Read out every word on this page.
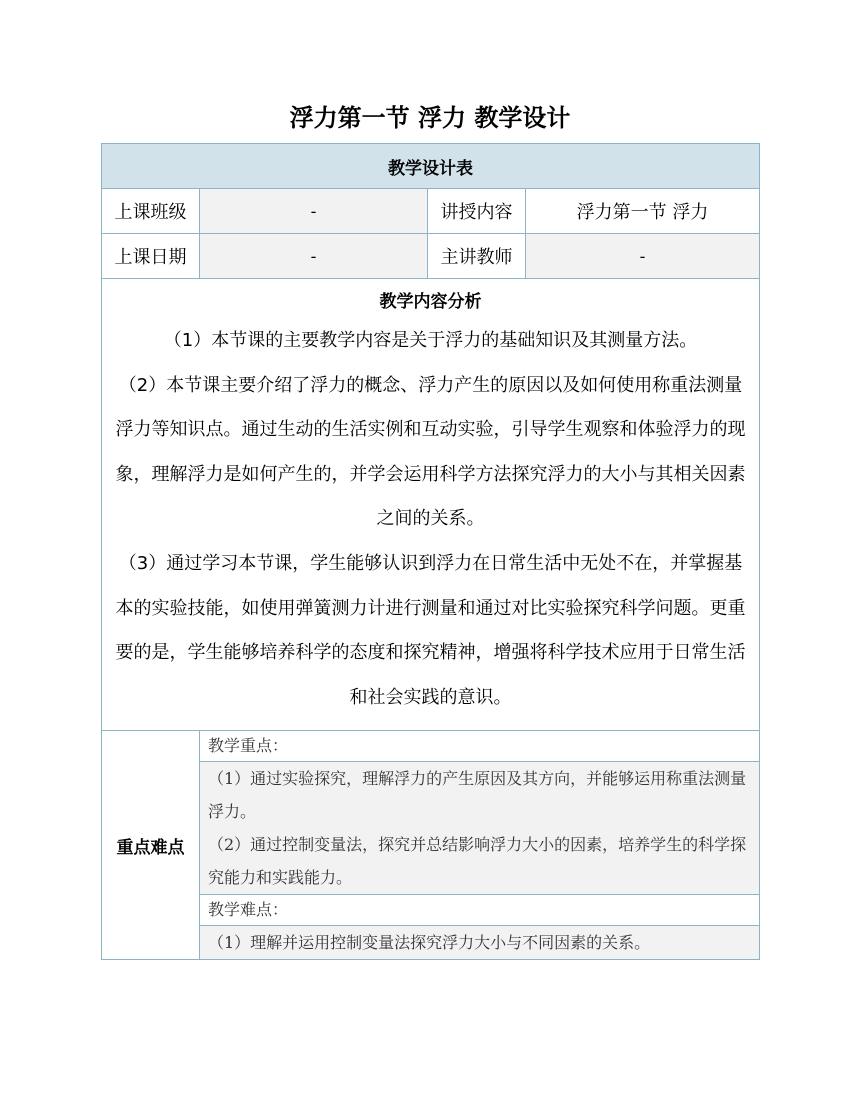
浮力第一节 浮力 教学设计
教学设计表			
上课班级	-	讲授内容	浮力第一节 浮力
上课日期	-	主讲教师	-

教学内容分析

（1）本节课的主要教学内容是关于浮力的基础知识及其测量方法。

（2）本节课主要介绍了浮力的概念、浮力产生的原因以及如何使用称重法测量浮力等知识点。通过生动的生活实例和互动实验，引导学生观察和体验浮力的现象，理解浮力是如何产生的，并学会运用科学方法探究浮力的大小与其相关因素之间的关系。

（3）通过学习本节课，学生能够认识到浮力在日常生活中无处不在，并掌握基本的实验技能，如使用弹簧测力计进行测量和通过对比实验探究科学问题。更重要的是，学生能够培养科学的态度和探究精神，增强将科学技术应用于日常生活和社会实践的意识。			

重点难点	教学重点：		

	（1）通过实验探究，理解浮力的产生原因及其方向，并能够运用称重法测量浮力。

（2）通过控制变量法，探究并总结影响浮力大小的因素，培养学生的科学探究能力和实践能力。		

	教学难点：		

	（1）理解并运用控制变量法探究浮力大小与不同因素的关系。		
